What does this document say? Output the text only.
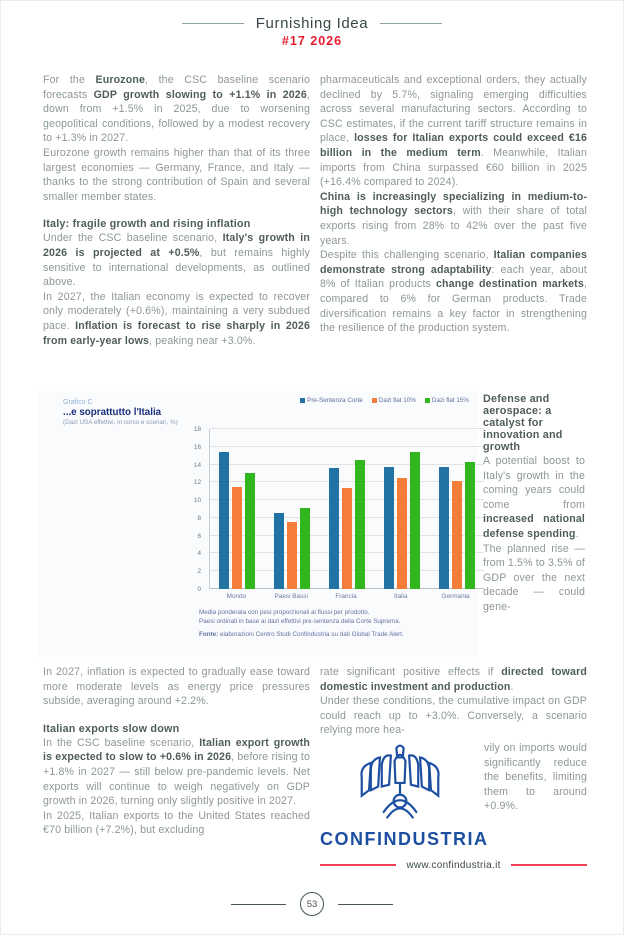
Furnishing Idea
#17 2026

For the Eurozone, the CSC baseline scenario forecasts GDP growth slowing to +1.1% in 2026, down from +1.5% in 2025, due to worsening geopolitical conditions, followed by a modest recovery to +1.3% in 2027.

Eurozone growth remains higher than that of its three largest economies — Germany, France, and Italy — thanks to the strong contribution of Spain and several smaller member states.

Italy: fragile growth and rising inflation

Under the CSC baseline scenario, Italy's growth in 2026 is projected at +0.5%, but remains highly sensitive to international developments, as outlined above.

In 2027, the Italian economy is expected to recover only moderately (+0.6%), maintaining a very subdued pace. Inflation is forecast to rise sharply in 2026 from early-year lows, peaking near +3.0%.

pharmaceuticals and exceptional orders, they actually declined by 5.7%, signaling emerging difficulties across several manufacturing sectors. According to CSC estimates, if the current tariff structure remains in place, losses for Italian exports could exceed €16 billion in the medium term. Meanwhile, Italian imports from China surpassed €60 billion in 2025 (+16.4% compared to 2024).

China is increasingly specializing in medium-to-high technology sectors, with their share of total exports rising from 28% to 42% over the past five years.

Despite this challenging scenario, Italian companies demonstrate strong adaptability: each year, about 8% of Italian products change destination markets, compared to 6% for German products. Trade diversification remains a key factor in strengthening the resilience of the production system.

Grafico C
...e soprattutto l'Italia
(Dazi USA effettivi, in corso e scenari, %)
Pre-Sentenza Corte	Dazi flat 10%	Dazi flat 15%
0
2
4
6
8
10
12
14
16
18
Mondo	Paesi Bassi	Francia	Italia	Germania
Media ponderata con pesi proporzionali ai flussi per prodotto.
Paesi ordinati in base ai dazi effettivi pre-sentenza della Corte Suprema.
Fonte: elaborazioni Centro Studi Confindustria su dati Global Trade Alert.
Defense and aerospace: a catalyst for innovation and growth

A potential boost to Italy's growth in the coming years could come from increased national defense spending.

The planned rise — from 1.5% to 3.5% of GDP over the next decade — could gene-

In 2027, inflation is expected to gradually ease toward more moderate levels as energy price pressures subside, averaging around +2.2%.

Italian exports slow down

In the CSC baseline scenario, Italian export growth is expected to slow to +0.6% in 2026, before rising to +1.8% in 2027 — still below pre-pandemic levels. Net exports will continue to weigh negatively on GDP growth in 2026, turning only slightly positive in 2027.

In 2025, Italian exports to the United States reached €70 billion (+7.2%), but excluding

rate significant positive effects if directed toward domestic investment and production.

Under these conditions, the cumulative impact on GDP could reach up to +3.0%. Conversely, a scenario relying more hea-

CONFINDUSTRIA

vily on imports would significantly reduce the benefits, limiting them to around +0.9%.

www.confindustria.it
53
